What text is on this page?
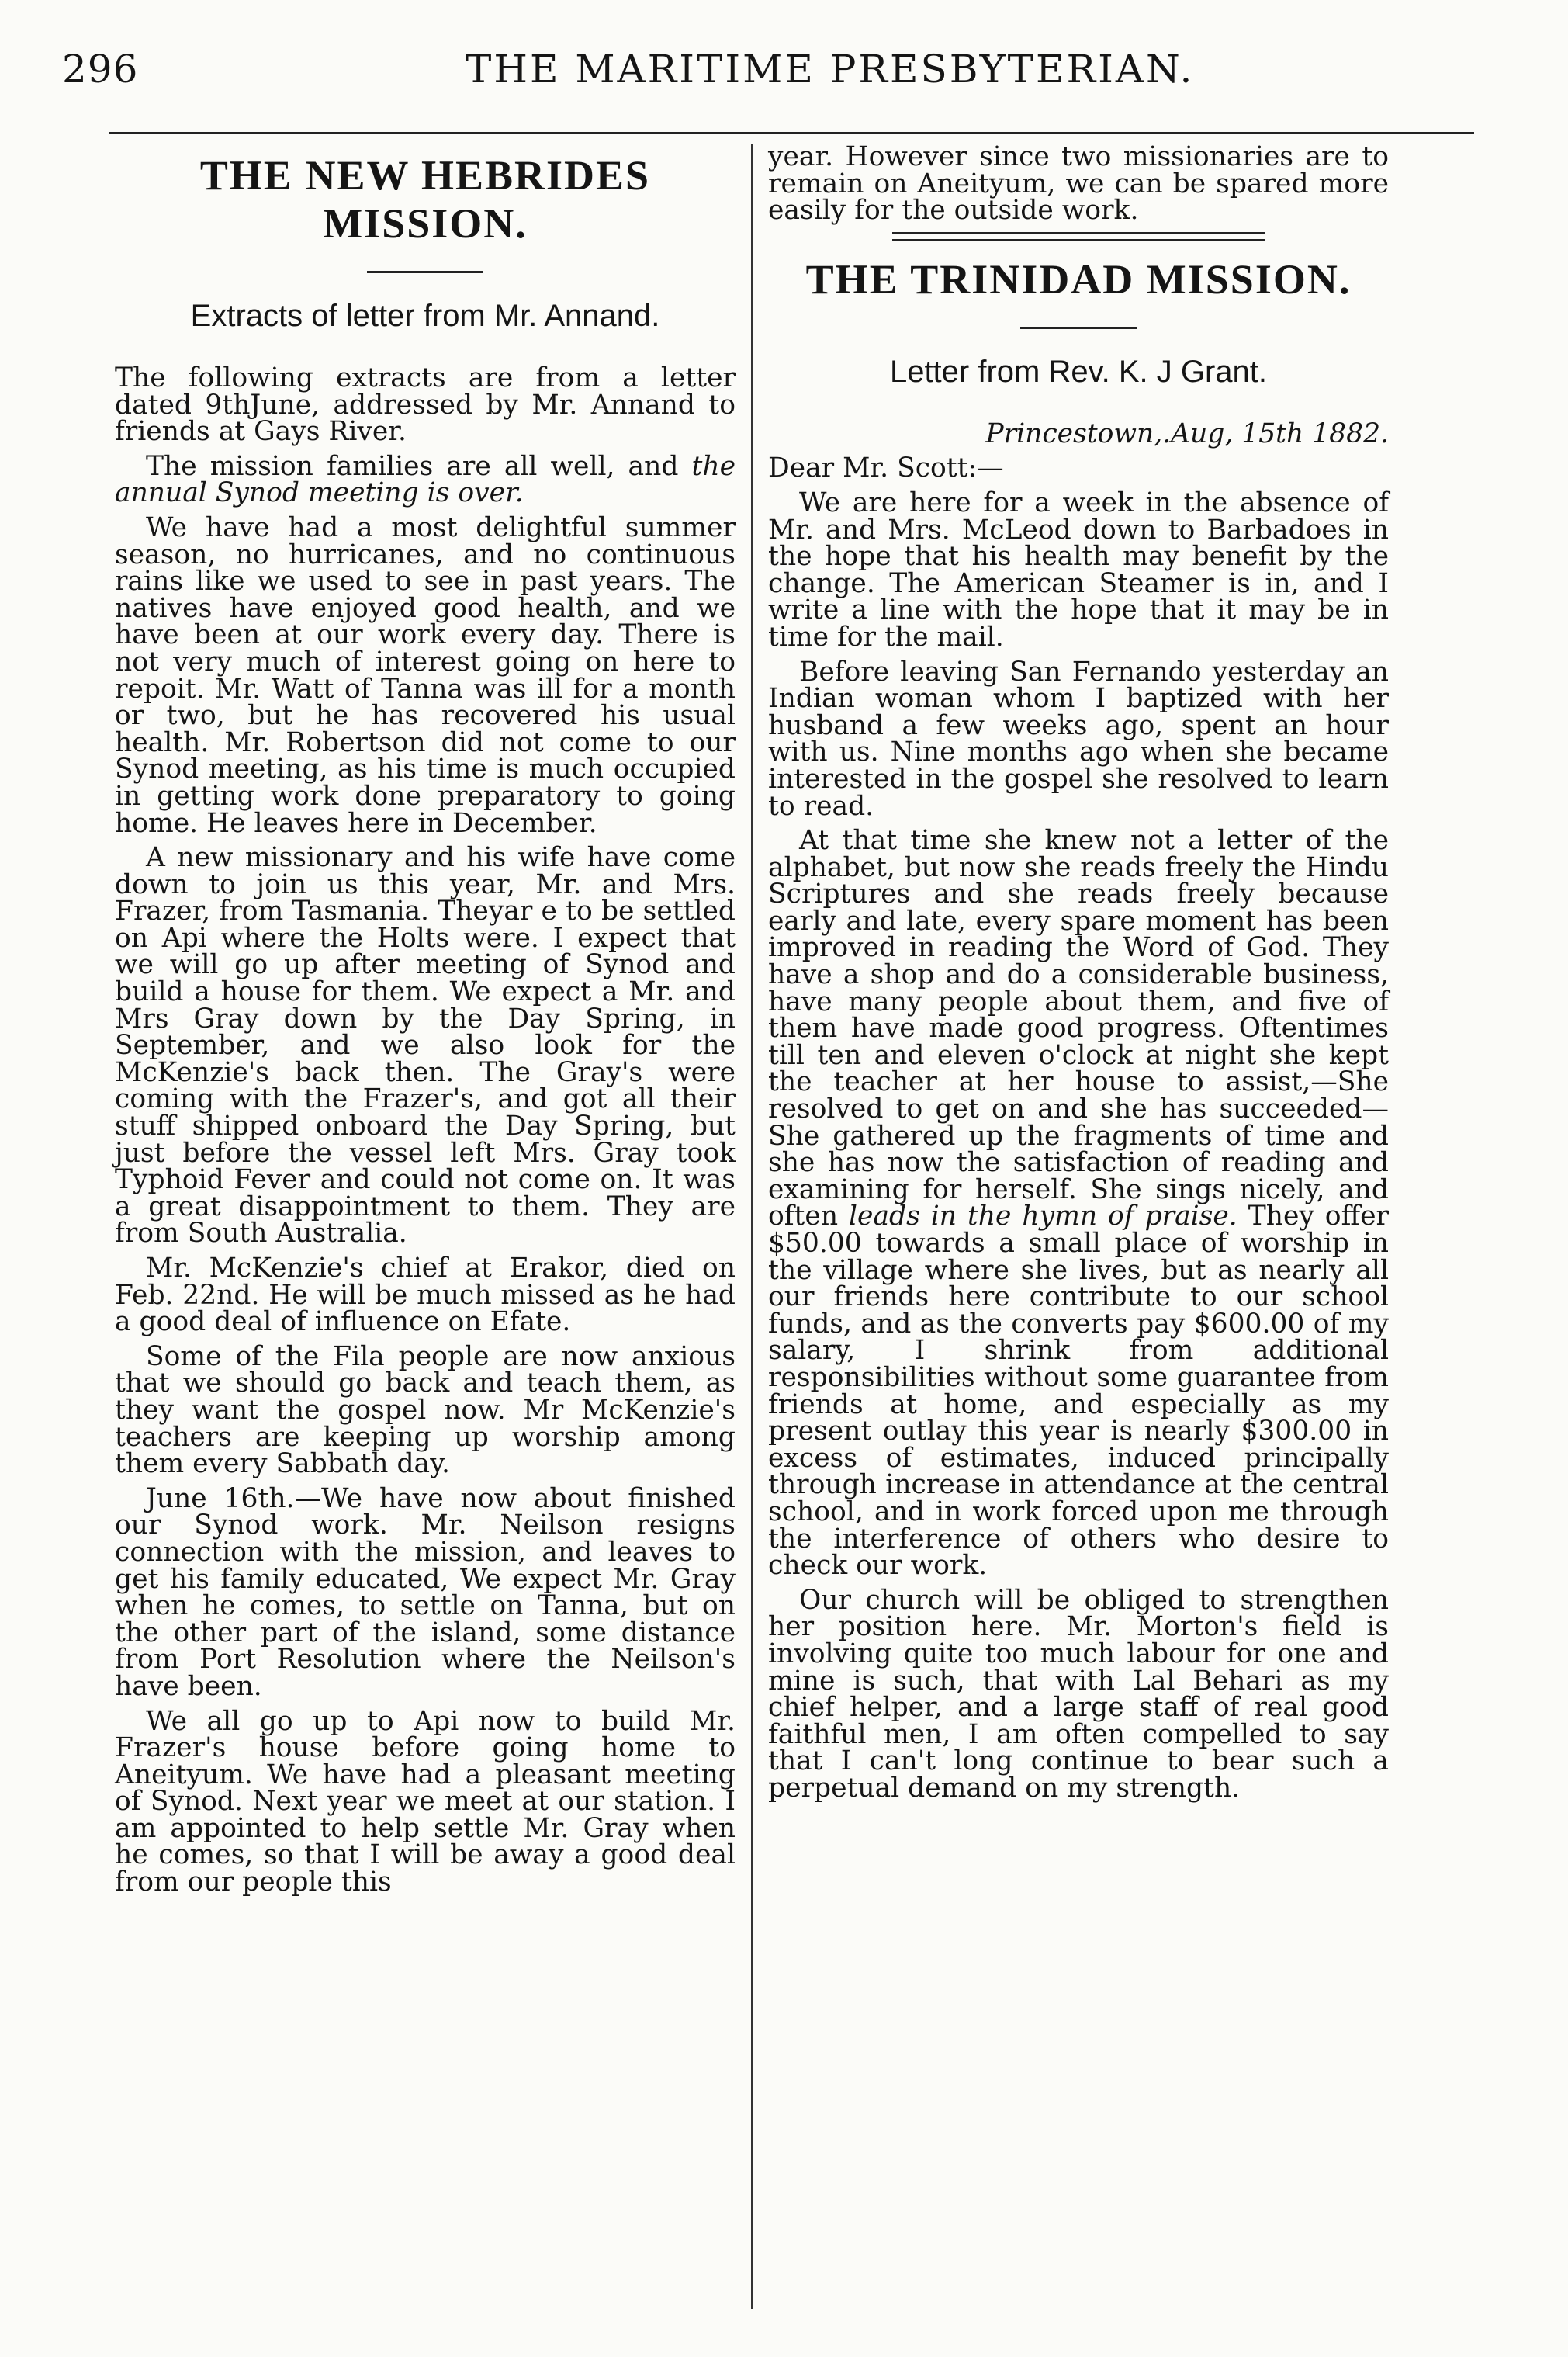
296	THE MARITIME PRESBYTERIAN.
THE NEW HEBRIDES MISSION.
Extracts of letter from Mr. Annand.

The following extracts are from a letter dated 9thJune, addressed by Mr. Annand to friends at Gays River.

The mission families are all well, and the annual Synod meeting is over.

We have had a most delightful summer season, no hurricanes, and no continuous rains like we used to see in past years. The natives have enjoyed good health, and we have been at our work every day. There is not very much of interest going on here to repoit. Mr. Watt of Tanna was ill for a month or two, but he has recovered his usual health. Mr. Robertson did not come to our Synod meeting, as his time is much occupied in getting work done preparatory to going home. He leaves here in December.

A new missionary and his wife have come down to join us this year, Mr. and Mrs. Frazer, from Tasmania. Theyar e to be settled on Api where the Holts were. I expect that we will go up after meeting of Synod and build a house for them. We expect a Mr. and Mrs Gray down by the Day Spring, in September, and we also look for the McKenzie's back then. The Gray's were coming with the Frazer's, and got all their stuff shipped onboard the Day Spring, but just before the vessel left Mrs. Gray took Typhoid Fever and could not come on. It was a great disappointment to them. They are from South Australia.

Mr. McKenzie's chief at Erakor, died on Feb. 22nd. He will be much missed as he had a good deal of influence on Efate.

Some of the Fila people are now anxious that we should go back and teach them, as they want the gospel now. Mr McKenzie's teachers are keeping up worship among them every Sabbath day.

June 16th.—We have now about finished our Synod work. Mr. Neilson resigns connection with the mission, and leaves to get his family educated, We expect Mr. Gray when he comes, to settle on Tanna, but on the other part of the island, some distance from Port Resolution where the Neilson's have been.

We all go up to Api now to build Mr. Frazer's house before going home to Aneityum. We have had a pleasant meeting of Synod. Next year we meet at our station. I am appointed to help settle Mr. Gray when he comes, so that I will be away a good deal from our people this

year. However since two missionaries are to remain on Aneityum, we can be spared more easily for the outside work.

THE TRINIDAD MISSION.
Letter from Rev. K. J Grant.

Princestown,.Aug, 15th 1882.

Dear Mr. Scott:—

We are here for a week in the absence of Mr. and Mrs. McLeod down to Barbadoes in the hope that his health may benefit by the change. The American Steamer is in, and I write a line with the hope that it may be in time for the mail.

Before leaving San Fernando yesterday an Indian woman whom I baptized with her husband a few weeks ago, spent an hour with us. Nine months ago when she became interested in the gospel she resolved to learn to read.

At that time she knew not a letter of the alphabet, but now she reads freely the Hindu Scriptures and she reads freely because early and late, every spare moment has been improved in reading the Word of God. They have a shop and do a considerable business, have many people about them, and five of them have made good progress. Oftentimes till ten and eleven o'clock at night she kept the teacher at her house to assist,—She resolved to get on and she has succeeded—She gathered up the fragments of time and she has now the satisfaction of reading and examining for herself. She sings nicely, and often leads in the hymn of praise. They offer $50.00 towards a small place of worship in the village where she lives, but as nearly all our friends here contribute to our school funds, and as the converts pay $600.00 of my salary, I shrink from additional responsibilities without some guarantee from friends at home, and especially as my present outlay this year is nearly $300.00 in excess of estimates, induced principally through increase in attendance at the central school, and in work forced upon me through the interference of others who desire to check our work.

Our church will be obliged to strengthen her position here. Mr. Morton's field is involving quite too much labour for one and mine is such, that with Lal Behari as my chief helper, and a large staff of real good faithful men, I am often compelled to say that I can't long continue to bear such a perpetual demand on my strength.
